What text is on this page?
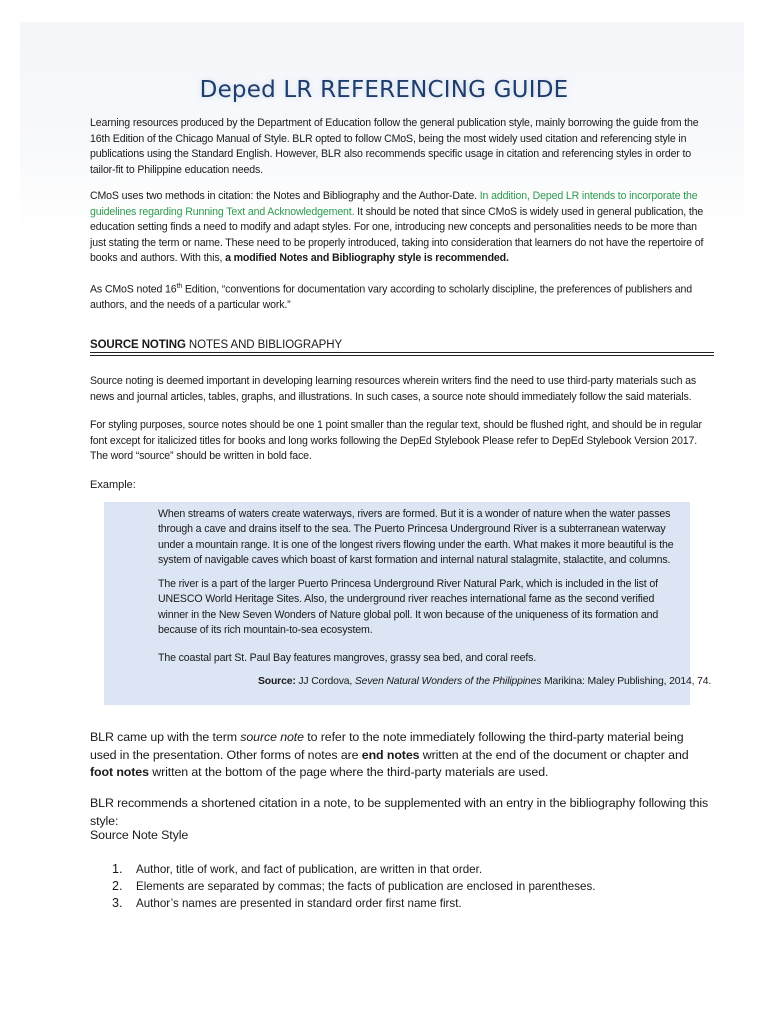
Deped LR REFERENCING GUIDE

Learning resources produced by the Department of Education follow the general publication style, mainly borrowing the guide from the 16th Edition of the Chicago Manual of Style. BLR opted to follow CMoS, being the most widely used citation and referencing style in publications using the Standard English. However, BLR also recommends specific usage in citation and referencing styles in order to tailor-fit to Philippine education needs.

CMoS uses two methods in citation: the Notes and Bibliography and the Author-Date. In addition, Deped LR intends to incorporate the guidelines regarding Running Text and Acknowledgement. It should be noted that since CMoS is widely used in general publication, the education setting finds a need to modify and adapt styles. For one, introducing new concepts and personalities needs to be more than just stating the term or name. These need to be properly introduced, taking into consideration that learners do not have the repertoire of books and authors. With this, a modified Notes and Bibliography style is recommended.

As CMoS noted 16th Edition, “conventions for documentation vary according to scholarly discipline, the preferences of publishers and authors, and the needs of a particular work.”

SOURCE NOTING NOTES AND BIBLIOGRAPHY

Source noting is deemed important in developing learning resources wherein writers find the need to use third-party materials such as news and journal articles, tables, graphs, and illustrations. In such cases, a source note should immediately follow the said materials.

For styling purposes, source notes should be one 1 point smaller than the regular text, should be flushed right, and should be in regular font except for italicized titles for books and long works following the DepEd Stylebook Please refer to DepEd Stylebook Version 2017. The word “source” should be written in bold face.

Example:

When streams of waters create waterways, rivers are formed. But it is a wonder of nature when the water passes through a cave and drains itself to the sea. The Puerto Princesa Underground River is a subterranean waterway under a mountain range. It is one of the longest rivers flowing under the earth. What makes it more beautiful is the system of navigable caves which boast of karst formation and internal natural stalagmite, stalactite, and columns.

The river is a part of the larger Puerto Princesa Underground River Natural Park, which is included in the list of UNESCO World Heritage Sites. Also, the underground river reaches international fame as the second verified winner in the New Seven Wonders of Nature global poll. It won because of the uniqueness of its formation and because of its rich mountain-to-sea ecosystem.

The coastal part St. Paul Bay features mangroves, grassy sea bed, and coral reefs.

Source: JJ Cordova, Seven Natural Wonders of the Philippines Marikina: Maley Publishing, 2014, 74.

BLR came up with the term source note to refer to the note immediately following the third-party material being used in the presentation. Other forms of notes are end notes written at the end of the document or chapter and foot notes written at the bottom of the page where the third-party materials are used.

BLR recommends a shortened citation in a note, to be supplemented with an entry in the bibliography following this style:

Source Note Style

1.	Author, title of work, and fact of publication, are written in that order.
2.	Elements are separated by commas; the facts of publication are enclosed in parentheses.
3.	Author’s names are presented in standard order first name first.
